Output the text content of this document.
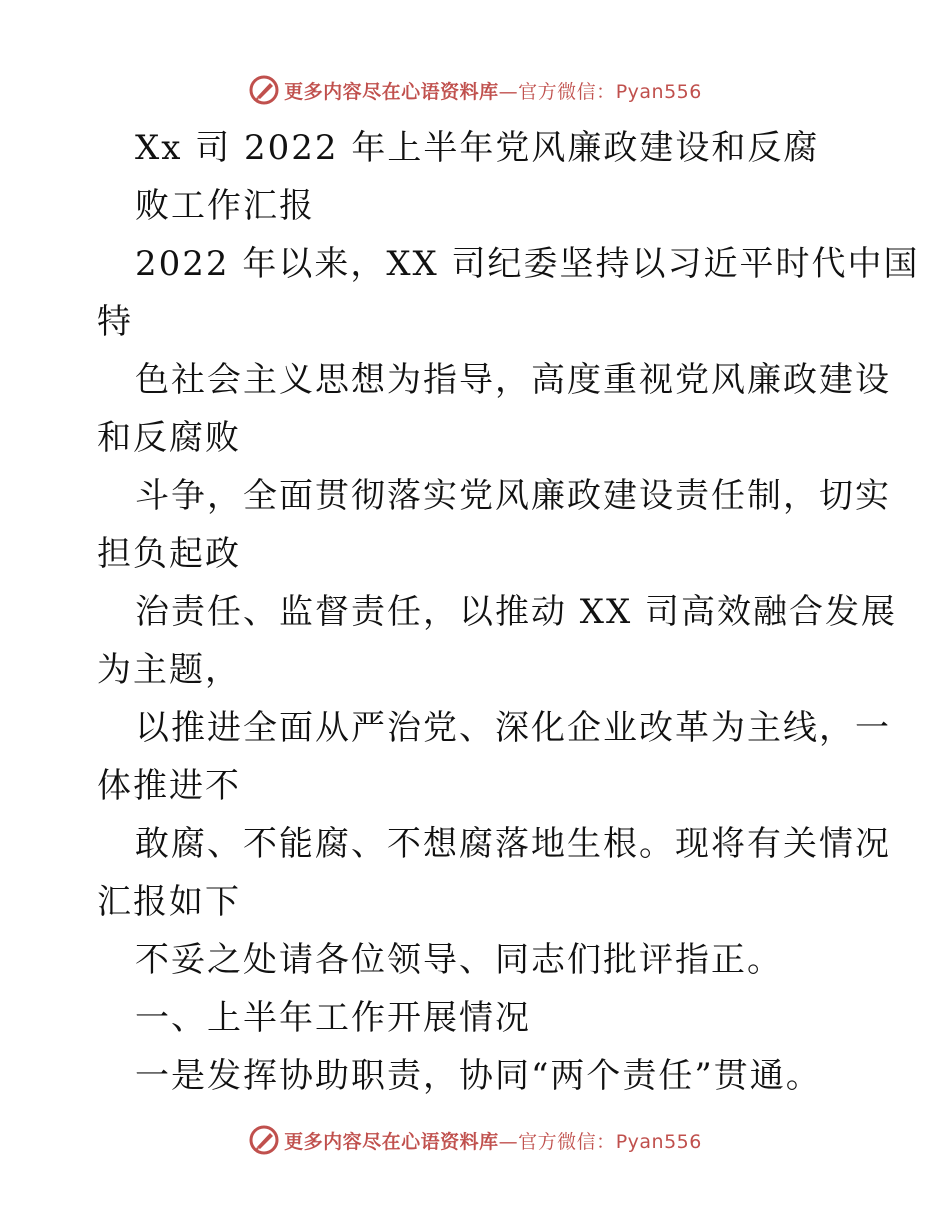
更多内容尽在心语资料库—官方微信：Pyan556
Xx 司 2022 年上半年党风廉政建设和反腐
败工作汇报
2022 年以来，XX 司纪委坚持以习近平时代中国
特
色社会主义思想为指导，高度重视党风廉政建设
和反腐败
斗争，全面贯彻落实党风廉政建设责任制，切实
担负起政
治责任、监督责任，以推动 XX 司高效融合发展
为主题，
以推进全面从严治党、深化企业改革为主线，一
体推进不
敢腐、不能腐、不想腐落地生根。现将有关情况
汇报如下
不妥之处请各位领导、同志们批评指正。
一、上半年工作开展情况
一是发挥协助职责，协同“两个责任”贯通。
更多内容尽在心语资料库—官方微信：Pyan556
